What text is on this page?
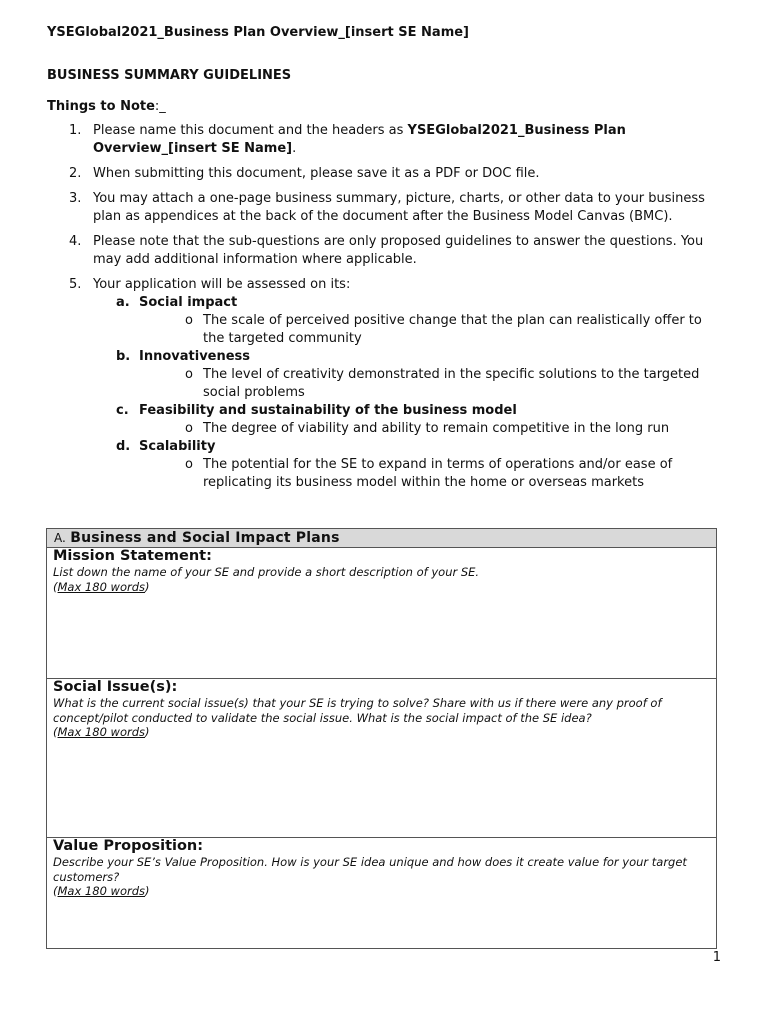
YSEGlobal2021_Business Plan Overview_[insert SE Name]
BUSINESS SUMMARY GUIDELINES
Things to Note:_
1. Please name this document and the headers as YSEGlobal2021_Business Plan Overview_[insert SE Name].
2. When submitting this document, please save it as a PDF or DOC file.
3. You may attach a one-page business summary, picture, charts, or other data to your business plan as appendices at the back of the document after the Business Model Canvas (BMC).
4. Please note that the sub-questions are only proposed guidelines to answer the questions. You may add additional information where applicable.
5. Your application will be assessed on its:
a. Social impact
o The scale of perceived positive change that the plan can realistically offer to the targeted community
b. Innovativeness
o The level of creativity demonstrated in the specific solutions to the targeted social problems
c. Feasibility and sustainability of the business model
o The degree of viability and ability to remain competitive in the long run
d. Scalability
o The potential for the SE to expand in terms of operations and/or ease of replicating its business model within the home or overseas markets
A. Business and Social Impact Plans
Mission Statement:

List down the name of your SE and provide a short description of your SE.

(Max 180 words)

Social Issue(s):

What is the current social issue(s) that your SE is trying to solve? Share with us if there were any proof of concept/pilot conducted to validate the social issue. What is the social impact of the SE idea?

(Max 180 words)

Value Proposition:

Describe your SE’s Value Proposition. How is your SE idea unique and how does it create value for your target customers?

(Max 180 words)

1
